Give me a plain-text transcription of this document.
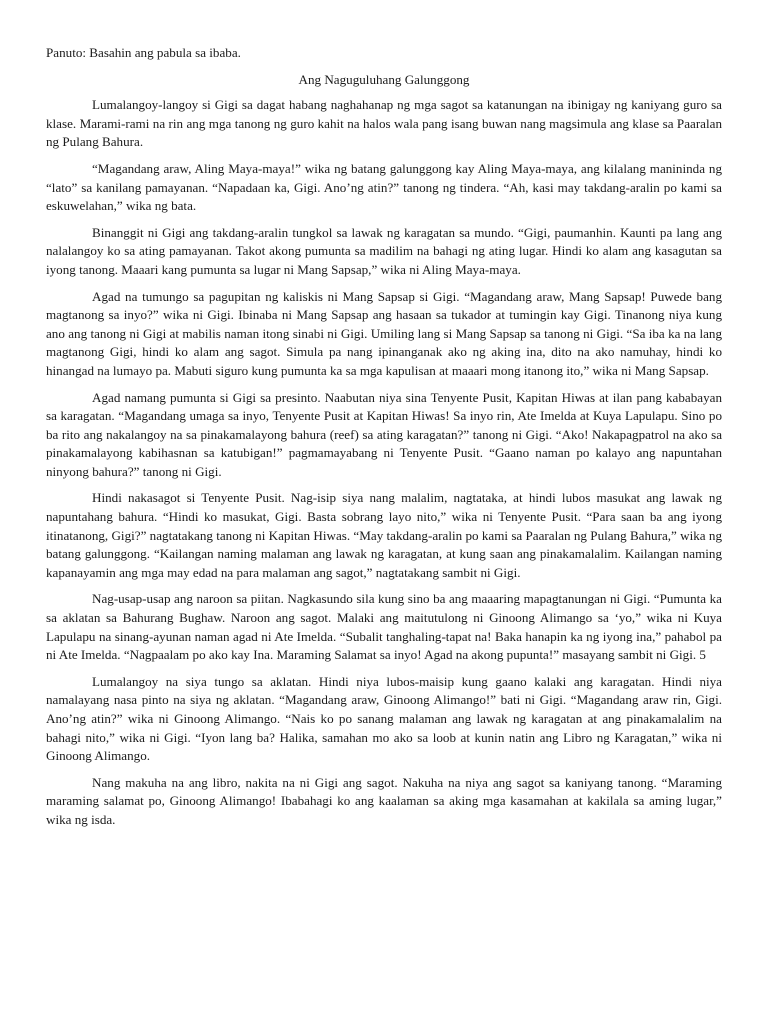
Panuto: Basahin ang pabula sa ibaba.

Ang Naguguluhang Galunggong

Lumalangoy-langoy si Gigi sa dagat habang naghahanap ng mga sagot sa katanungan na ibinigay ng kaniyang guro sa klase. Marami-rami na rin ang mga tanong ng guro kahit na halos wala pang isang buwan nang magsimula ang klase sa Paaralan ng Pulang Bahura.

“Magandang araw, Aling Maya-maya!” wika ng batang galunggong kay Aling Maya-maya, ang kilalang maninindа ng “lato” sa kanilang pamayanan. “Napadaan ka, Gigi. Ano’ng atin?” tanong ng tindera. “Ah, kasi may takdang-aralin po kami sa eskuwelahan,” wika ng bata.

Binanggit ni Gigi ang takdang-aralin tungkol sa lawak ng karagatan sa mundo. “Gigi, paumanhin. Kaunti pa lang ang nalalangoy ko sa ating pamayanan. Takot akong pumunta sa madilim na bahagi ng ating lugar. Hindi ko alam ang kasagutan sa iyong tanong. Maaari kang pumunta sa lugar ni Mang Sapsap,” wika ni Aling Maya-maya.

Agad na tumungo sa pagupitan ng kaliskis ni Mang Sapsap si Gigi. “Magandang araw, Mang Sapsap! Puwede bang magtanong sa inyo?” wika ni Gigi. Ibinaba ni Mang Sapsap ang hasaan sa tukador at tumingin kay Gigi. Tinanong niya kung ano ang tanong ni Gigi at mabilis naman itong sinabi ni Gigi. Umiling lang si Mang Sapsap sa tanong ni Gigi. “Sa iba ka na lang magtanong Gigi, hindi ko alam ang sagot. Simula pa nang ipinanganak ako ng aking ina, dito na ako namuhay, hindi ko hinangad na lumayo pa. Mabuti siguro kung pumunta ka sa mga kapulisan at maaari mong itanong ito,” wika ni Mang Sapsap.

Agad namang pumunta si Gigi sa presinto. Naabutan niya sina Tenyente Pusit, Kapitan Hiwas at ilan pang kababayan sa karagatan. “Magandang umaga sa inyo, Tenyente Pusit at Kapitan Hiwas! Sa inyo rin, Ate Imelda at Kuya Lapulapu. Sino po ba rito ang nakalangoy na sa pinakamalayong bahura (reef) sa ating karagatan?” tanong ni Gigi. “Ako! Nakapagpatrol na ako sa pinakamalayong kabihasnan sa katubigan!” pagmamayabang ni Tenyente Pusit. “Gaano naman po kalayo ang napuntahan ninyong bahura?” tanong ni Gigi.

Hindi nakasagot si Tenyente Pusit. Nag-isip siya nang malalim, nagtataka, at hindi lubos masukat ang lawak ng napuntahang bahura. “Hindi ko masukat, Gigi. Basta sobrang layo nito,” wika ni Tenyente Pusit. “Para saan ba ang iyong itinatanong, Gigi?” nagtatakang tanong ni Kapitan Hiwas. “May takdang-aralin po kami sa Paaralan ng Pulang Bahura,” wika ng batang galunggong. “Kailangan naming malaman ang lawak ng karagatan, at kung saan ang pinakamalalim. Kailangan naming kapanayamin ang mga may edad na para malaman ang sagot,” nagtatakang sambit ni Gigi.

Nag-usap-usap ang naroon sa piitan. Nagkasundo sila kung sino ba ang maaaring mapagtanungan ni Gigi. “Pumunta ka sa aklatan sa Bahurang Bughaw. Naroon ang sagot. Malaki ang maitutulong ni Ginoong Alimango sa ‘yo,” wika ni Kuya Lapulapu na sinang-ayunan naman agad ni Ate Imelda. “Subalit tanghaling-tapat na! Baka hanapin ka ng iyong ina,” pahabol pa ni Ate Imelda. “Nagpaalam po ako kay Ina. Maraming Salamat sa inyo! Agad na akong pupunta!” masayang sambit ni Gigi. 5

Lumalangoy na siya tungo sa aklatan. Hindi niya lubos-maisip kung gaano kalaki ang karagatan. Hindi niya namalayang nasa pinto na siya ng aklatan. “Magandang araw, Ginoong Alimango!” bati ni Gigi. “Magandang araw rin, Gigi. Ano’ng atin?” wika ni Ginoong Alimango. “Nais ko po sanang malaman ang lawak ng karagatan at ang pinakamalalim na bahagi nito,” wika ni Gigi. “Iyon lang ba? Halika, samahan mo ako sa loob at kunin natin ang Libro ng Karagatan,” wika ni Ginoong Alimango.

Nang makuha na ang libro, nakita na ni Gigi ang sagot. Nakuha na niya ang sagot sa kaniyang tanong. “Maraming maraming salamat po, Ginoong Alimango! Ibabahagi ko ang kaalaman sa aking mga kasamahan at kakilala sa aming lugar,” wika ng isda.
